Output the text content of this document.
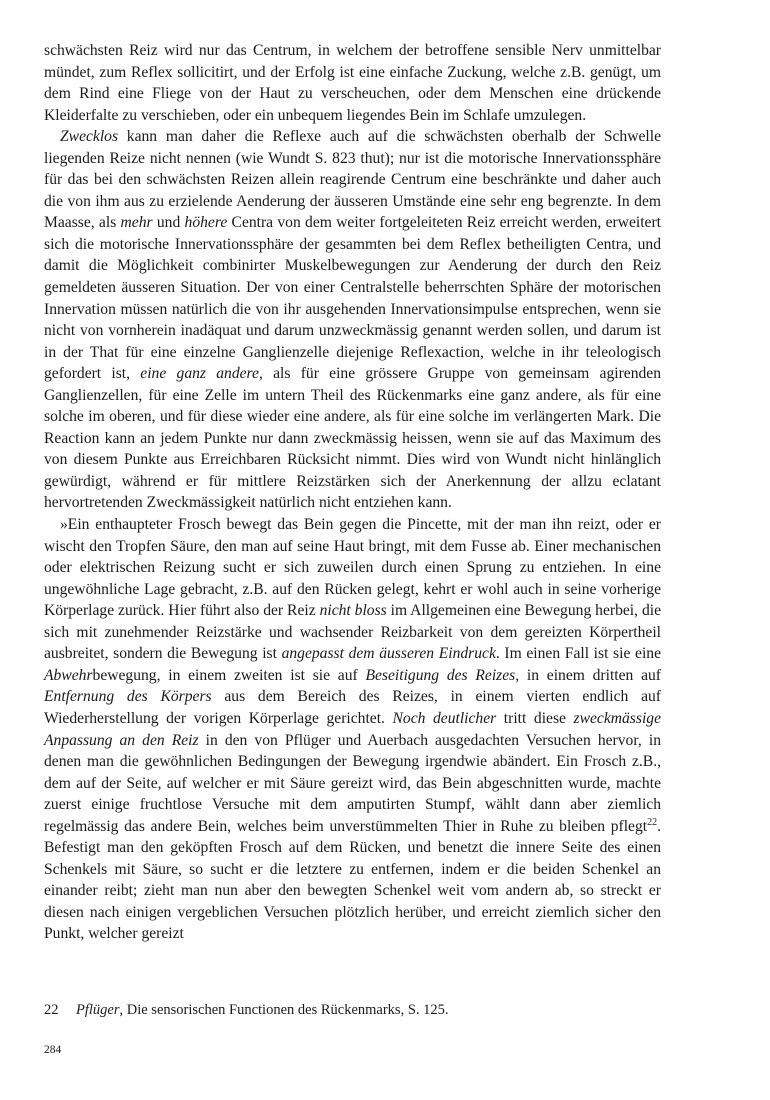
schwächsten Reiz wird nur das Centrum, in welchem der betroffene sensible Nerv unmittelbar mündet, zum Reflex sollicitirt, und der Erfolg ist eine einfache Zuckung, welche z.B. genügt, um dem Rind eine Fliege von der Haut zu verscheuchen, oder dem Menschen eine drückende Kleiderfalte zu verschieben, oder ein unbequem liegendes Bein im Schlafe umzulegen.

Zwecklos kann man daher die Reflexe auch auf die schwächsten oberhalb der Schwelle liegenden Reize nicht nennen (wie Wundt S. 823 thut); nur ist die motorische Innervationssphäre für das bei den schwächsten Reizen allein reagirende Centrum eine beschränkte und daher auch die von ihm aus zu erzielende Aenderung der äusseren Umstände eine sehr eng begrenzte. In dem Maasse, als mehr und höhere Centra von dem weiter fortgeleiteten Reiz erreicht werden, erweitert sich die motorische Innervationssphäre der gesammten bei dem Reflex betheiligten Centra, und damit die Möglichkeit combinirter Muskelbewegungen zur Aenderung der durch den Reiz gemeldeten äusseren Situation. Der von einer Centralstelle beherrschten Sphäre der motorischen Innervation müssen natürlich die von ihr ausgehenden Innervationsimpulse entsprechen, wenn sie nicht von vornherein inadäquat und darum unzweckmässig genannt werden sollen, und darum ist in der That für eine einzelne Ganglienzelle diejenige Reflexaction, welche in ihr teleologisch gefordert ist, eine ganz andere, als für eine grössere Gruppe von gemeinsam agirenden Ganglienzellen, für eine Zelle im untern Theil des Rückenmarks eine ganz andere, als für eine solche im oberen, und für diese wieder eine andere, als für eine solche im verlängerten Mark. Die Reaction kann an jedem Punkte nur dann zweckmässig heissen, wenn sie auf das Maximum des von diesem Punkte aus Erreichbaren Rücksicht nimmt. Dies wird von Wundt nicht hinlänglich gewürdigt, während er für mittlere Reizstärken sich der Anerkennung der allzu eclatant hervortretenden Zweckmässigkeit natürlich nicht entziehen kann.

»Ein enthaupteter Frosch bewegt das Bein gegen die Pincette, mit der man ihn reizt, oder er wischt den Tropfen Säure, den man auf seine Haut bringt, mit dem Fusse ab. Einer mechanischen oder elektrischen Reizung sucht er sich zuweilen durch einen Sprung zu entziehen. In eine ungewöhnliche Lage gebracht, z.B. auf den Rücken gelegt, kehrt er wohl auch in seine vorherige Körperlage zurück. Hier führt also der Reiz nicht bloss im Allgemeinen eine Bewegung herbei, die sich mit zunehmender Reizstärke und wachsender Reizbarkeit von dem gereizten Körpertheil ausbreitet, sondern die Bewegung ist angepasst dem äusseren Eindruck. Im einen Fall ist sie eine Abwehrbewegung, in einem zweiten ist sie auf Beseitigung des Reizes, in einem dritten auf Entfernung des Körpers aus dem Bereich des Reizes, in einem vierten endlich auf Wiederherstellung der vorigen Körperlage gerichtet. Noch deutlicher tritt diese zweckmässige Anpassung an den Reiz in den von Pflüger und Auerbach ausgedachten Versuchen hervor, in denen man die gewöhnlichen Bedingungen der Bewegung irgendwie abändert. Ein Frosch z.B., dem auf der Seite, auf welcher er mit Säure gereizt wird, das Bein abgeschnitten wurde, machte zuerst einige fruchtlose Versuche mit dem amputirten Stumpf, wählt dann aber ziemlich regelmässig das andere Bein, welches beim unverstümmelten Thier in Ruhe zu bleiben pflegt$^{22}$. Befestigt man den geköpften Frosch auf dem Rücken, und benetzt die innere Seite des einen Schenkels mit Säure, so sucht er die letztere zu entfernen, indem er die beiden Schenkel an einander reibt; zieht man nun aber den bewegten Schenkel weit vom andern ab, so streckt er diesen nach einigen vergeblichen Versuchen plötzlich herüber, und erreicht ziemlich sicher den Punkt, welcher gereizt

22 Pflüger, Die sensorischen Functionen des Rückenmarks, S. 125.

284
